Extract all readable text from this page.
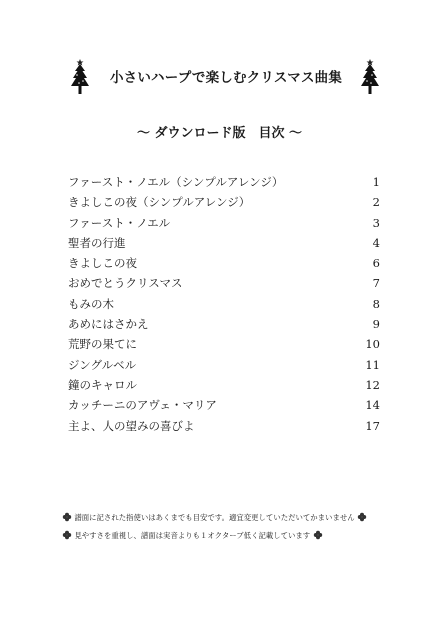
小さいハープで楽しむクリスマス曲集
～ ダウンロード版　目次 ～
ファースト・ノエル（シンプルアレンジ）	1
きよしこの夜（シンプルアレンジ）	2
ファースト・ノエル	3
聖者の行進	4
きよしこの夜	6
おめでとうクリスマス	7
もみの木	8
あめにはさかえ	9
荒野の果てに	10
ジングルベル	11
鐘のキャロル	12
カッチーニのアヴェ・マリア	14
主よ、人の望みの喜びよ	17
譜面に記された指使いはあくまでも目安です。適宜変更していただいてかまいません
見やすさを重視し、譜面は実音よりも１オクターブ低く記載しています
